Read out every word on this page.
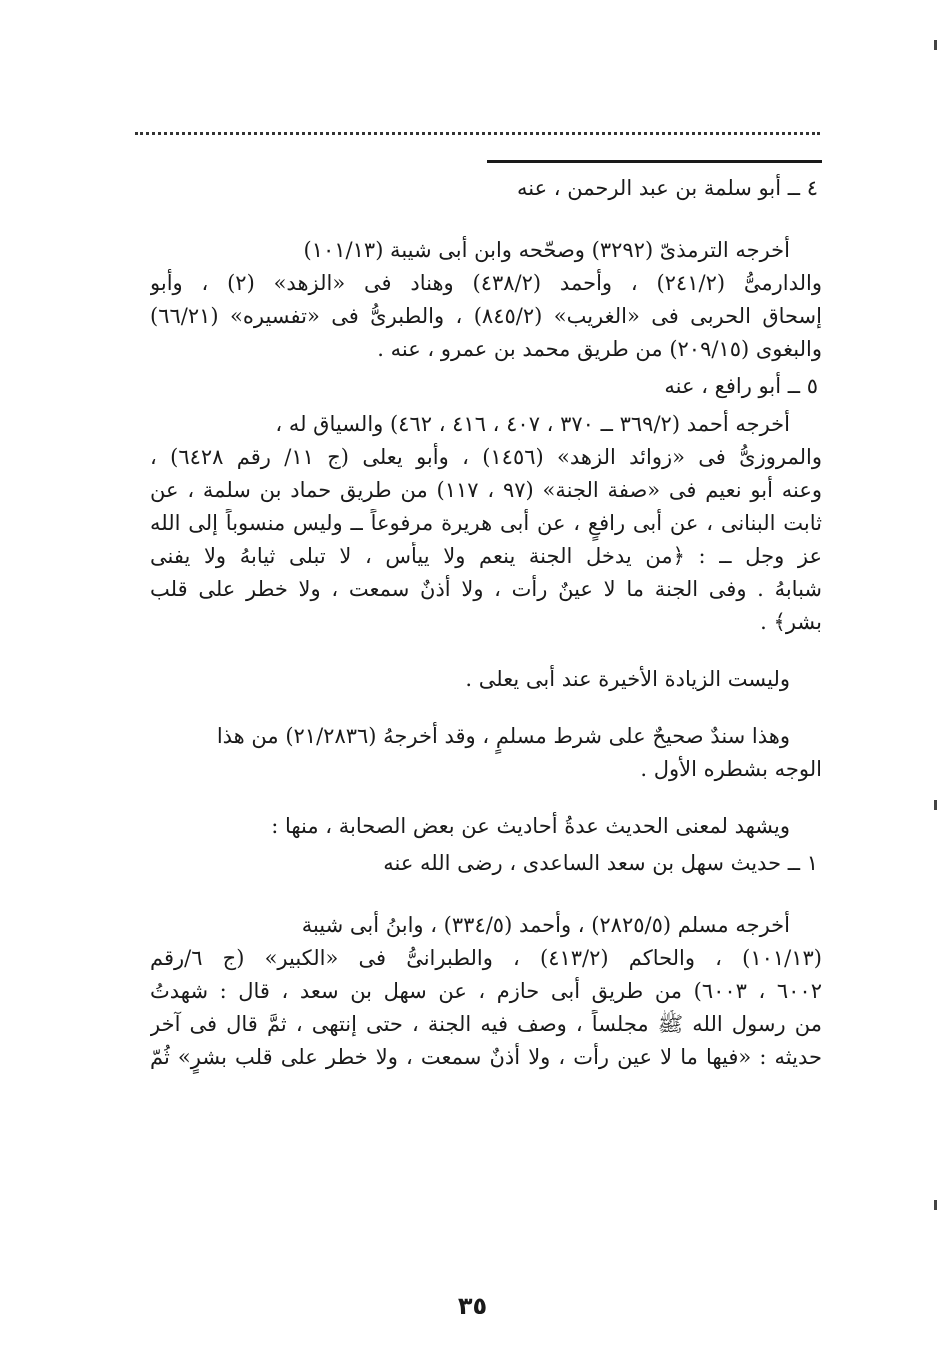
٤ ــ أبو سلمة بن عبد الرحمن ، عنه
أخرجه الترمذىّ (٣٢٩٢) وصحّحه وابن أبى شيبة (١٠١/١٣)
والدارمىُّ (٢٤١/٢) ، وأحمد (٤٣٨/٢) وهناد فى «الزهد» (٢) ، وأبو
إسحاق الحربى فى «الغريب» (٨٤٥/٢) ، والطبرىُّ فى «تفسيره» (٦٦/٢١)
والبغوى (٢٠٩/١٥) من طريق محمد بن عمرو ، عنه .
٥ ــ أبو رافع ، عنه
أخرجه أحمد (٣٦٩/٢ ــ ٣٧٠ ، ٤٠٧ ، ٤١٦ ، ٤٦٢) والسياق له ،
والمروزىُّ فى «زوائد الزهد» (١٤٥٦) ، وأبو يعلى (ج ١١/ رقم ٦٤٢٨) ،
وعنه أبو نعيم فى «صفة الجنة» (٩٧ ، ١١٧) من طريق حماد بن سلمة ، عن
ثابت البنانى ، عن أبى رافعٍ ، عن أبى هريرة مرفوعاً ــ وليس منسوباً إلى الله
عز وجل ــ : ﴿من يدخل الجنة ينعم ولا ييأس ، لا تبلى ثيابهُ ولا يفنى
شبابهُ . وفى الجنة ما لا عينٌ رأت ، ولا أذنٌ سمعت ، ولا خطر على قلب
بشر﴾ .
وليست الزيادة الأخيرة عند أبى يعلى .
وهذا سندٌ صحيحٌ على شرط مسلمٍ ، وقد أخرجهُ (٢١/٢٨٣٦) من هذا
الوجه بشطره الأول .
ويشهد لمعنى الحديث عدةُ أحاديث عن بعض الصحابة ، منها :
١ ــ حديث سهل بن سعد الساعدى ، رضى الله عنه
أخرجه مسلم (٢٨٢٥/٥) ، وأحمد (٣٣٤/٥) ، وابنُ أبى شيبة
(١٠١/١٣) ، والحاكم (٤١٣/٢) ، والطبرانىُّ فى «الكبير» (ج ٦/رقم
٦٠٠٢ ، ٦٠٠٣) من طريق أبى حازم ، عن سهل بن سعد ، قال : شهدتُ
من رسول الله ﷺ مجلساً ، وصف فيه الجنة ، حتى إنتهى ، ثمَّ قال فى آخر
حديثه : «فيها ما لا عين رأت ، ولا أذنٌ سمعت ، ولا خطر على قلب بشرٍ» ثُمّ
٣٥
